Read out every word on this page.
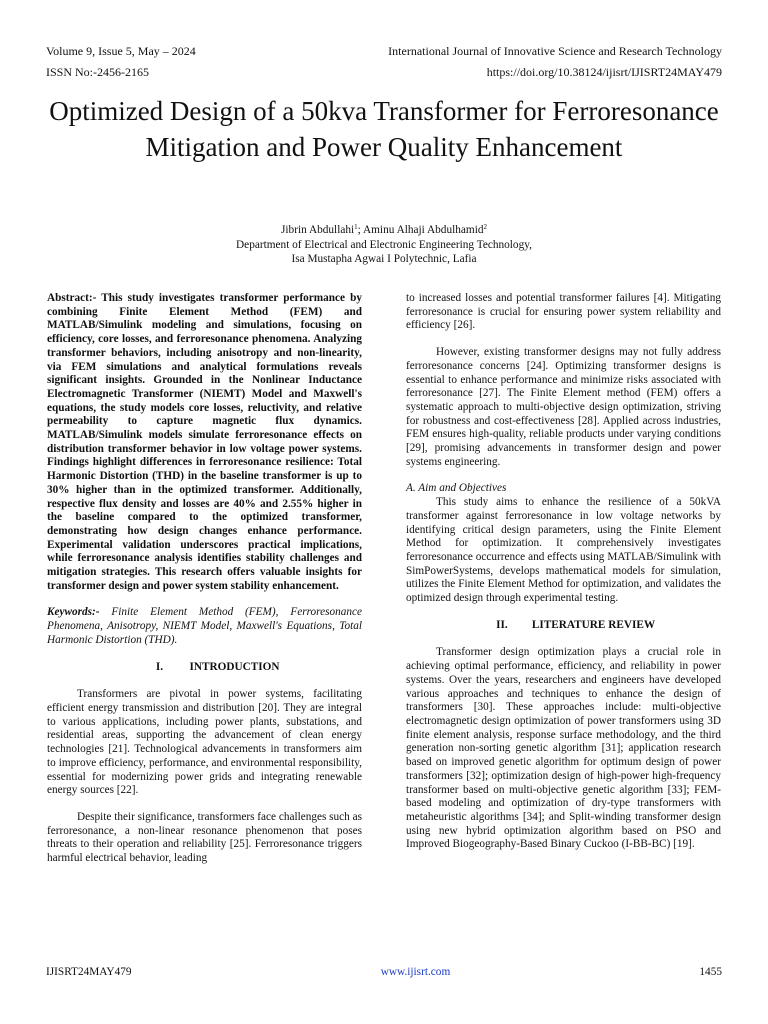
Volume 9, Issue 5, May – 2024	International Journal of Innovative Science and Research Technology
ISSN No:-2456-2165	https://doi.org/10.38124/ijisrt/IJISRT24MAY479
Optimized Design of a 50kva Transformer for Ferroresonance Mitigation and Power Quality Enhancement
Jibrin Abdullahi$^1$; Aminu Alhaji Abdulhamid$^2$
Department of Electrical and Electronic Engineering Technology,
Isa Mustapha Agwai I Polytechnic, Lafia

Abstract:- This study investigates transformer performance by combining Finite Element Method (FEM) and MATLAB/Simulink modeling and simulations, focusing on efficiency, core losses, and ferroresonance phenomena. Analyzing transformer behaviors, including anisotropy and non-linearity, via FEM simulations and analytical formulations reveals significant insights. Grounded in the Nonlinear Inductance Electromagnetic Transformer (NIEMT) Model and Maxwell's equations, the study models core losses, reluctivity, and relative permeability to capture magnetic flux dynamics. MATLAB/Simulink models simulate ferroresonance effects on distribution transformer behavior in low voltage power systems. Findings highlight differences in ferroresonance resilience: Total Harmonic Distortion (THD) in the baseline transformer is up to 30% higher than in the optimized transformer. Additionally, respective flux density and losses are 40% and 2.55% higher in the baseline compared to the optimized transformer, demonstrating how design changes enhance performance. Experimental validation underscores practical implications, while ferroresonance analysis identifies stability challenges and mitigation strategies. This research offers valuable insights for transformer design and power system stability enhancement.

Keywords:- Finite Element Method (FEM), Ferroresonance Phenomena, Anisotropy, NIEMT Model, Maxwell's Equations, Total Harmonic Distortion (THD).

I. INTRODUCTION

Transformers are pivotal in power systems, facilitating efficient energy transmission and distribution [20]. They are integral to various applications, including power plants, substations, and residential areas, supporting the advancement of clean energy technologies [21]. Technological advancements in transformers aim to improve efficiency, performance, and environmental responsibility, essential for modernizing power grids and integrating renewable energy sources [22].

Despite their significance, transformers face challenges such as ferroresonance, a non-linear resonance phenomenon that poses threats to their operation and reliability [25]. Ferroresonance triggers harmful electrical behavior, leading

to increased losses and potential transformer failures [4]. Mitigating ferroresonance is crucial for ensuring power system reliability and efficiency [26].

However, existing transformer designs may not fully address ferroresonance concerns [24]. Optimizing transformer designs is essential to enhance performance and minimize risks associated with ferroresonance [27]. The Finite Element method (FEM) offers a systematic approach to multi-objective design optimization, striving for robustness and cost-effectiveness [28]. Applied across industries, FEM ensures high-quality, reliable products under varying conditions [29], promising advancements in transformer design and power systems engineering.

A. Aim and Objectives

This study aims to enhance the resilience of a 50kVA transformer against ferroresonance in low voltage networks by identifying critical design parameters, using the Finite Element Method for optimization. It comprehensively investigates ferroresonance occurrence and effects using MATLAB/Simulink with SimPowerSystems, develops mathematical models for simulation, utilizes the Finite Element Method for optimization, and validates the optimized design through experimental testing.

II. LITERATURE REVIEW

Transformer design optimization plays a crucial role in achieving optimal performance, efficiency, and reliability in power systems. Over the years, researchers and engineers have developed various approaches and techniques to enhance the design of transformers [30]. These approaches include: multi-objective electromagnetic design optimization of power transformers using 3D finite element analysis, response surface methodology, and the third generation non-sorting genetic algorithm [31]; application research based on improved genetic algorithm for optimum design of power transformers [32]; optimization design of high-power high-frequency transformer based on multi-objective genetic algorithm [33]; FEM-based modeling and optimization of dry-type transformers with metaheuristic algorithms [34]; and Split-winding transformer design using new hybrid optimization algorithm based on PSO and Improved Biogeography-Based Binary Cuckoo (I-BB-BC) [19].

IJISRT24MAY479	www.ijisrt.com	1455
